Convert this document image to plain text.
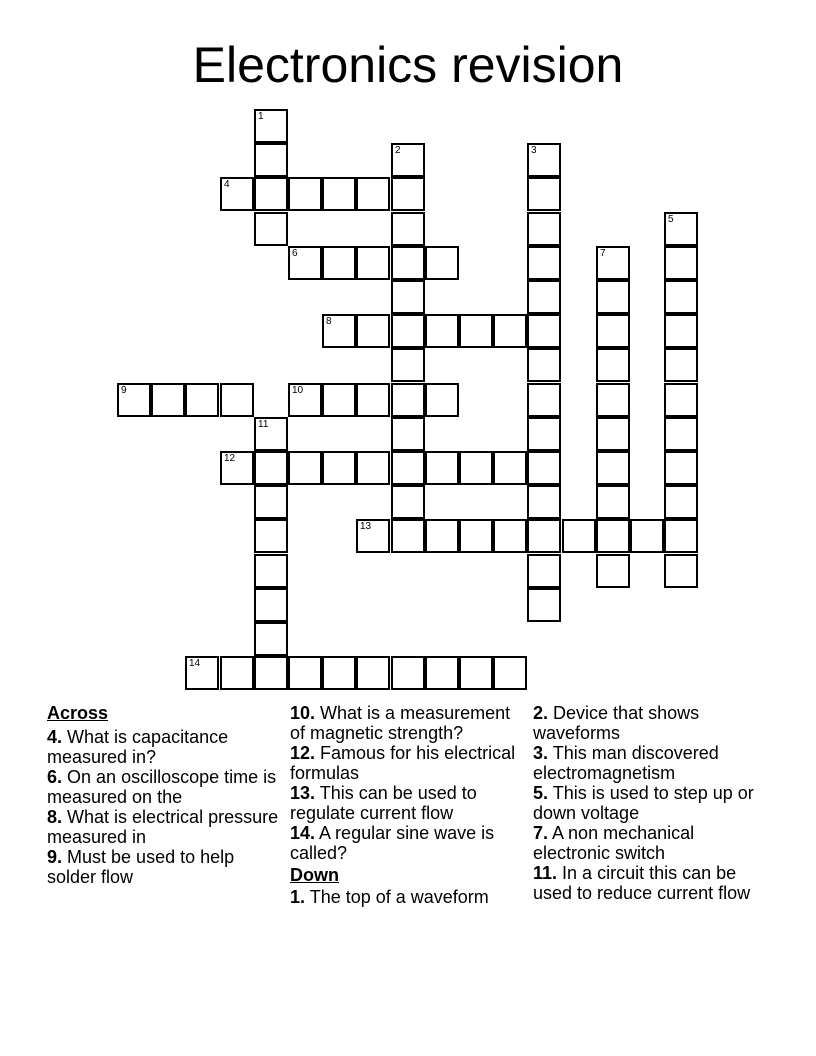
Electronics revision
1
2	3
4
5
6	7
8
9	10
11
12
13
14
Across
4. What is capacitance measured in?
6. On an oscilloscope time is measured on the
8. What is electrical pressure measured in
9. Must be used to help solder flow
10. What is a measurement of magnetic strength?
12. Famous for his electrical formulas
13. This can be used to regulate current flow
14. A regular sine wave is called?
Down
1. The top of a waveform
2. Device that shows waveforms
3. This man discovered electromagnetism
5. This is used to step up or down voltage
7. A non mechanical electronic switch
11. In a circuit this can be used to reduce current flow
